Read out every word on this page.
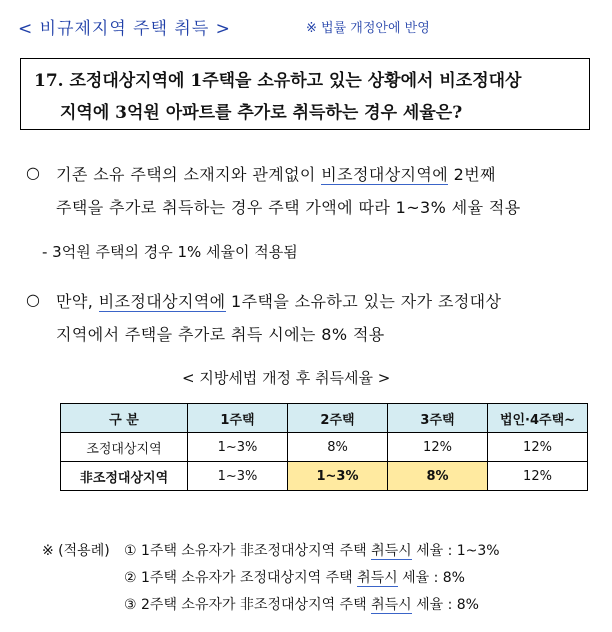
< 비규제지역 주택 취득 >	※ 법률 개정안에 반영
17. 조정대상지역에 1주택을 소유하고 있는 상황에서 비조정대상
지역에 3억원 아파트를 추가로 취득하는 경우 세율은?
○ 기존 소유 주택의 소재지와 관계없이 비조정대상지역에 2번째
주택을 추가로 취득하는 경우 주택 가액에 따라 1~3% 세율 적용
- 3억원 주택의 경우 1% 세율이 적용됨
○ 만약, 비조정대상지역에 1주택을 소유하고 있는 자가 조정대상
지역에서 주택을 추가로 취득 시에는 8% 적용
< 지방세법 개정 후 취득세율 >
구 분	1주택	2주택	3주택	법인·4주택~
조정대상지역	1~3%	8%	12%	12%
非조정대상지역	1~3%	1~3%	8%	12%
※ (적용례) ① 1주택 소유자가 非조정대상지역 주택 취득시 세율 : 1~3%
② 1주택 소유자가 조정대상지역 주택 취득시 세율 : 8%
③ 2주택 소유자가 非조정대상지역 주택 취득시 세율 : 8%
